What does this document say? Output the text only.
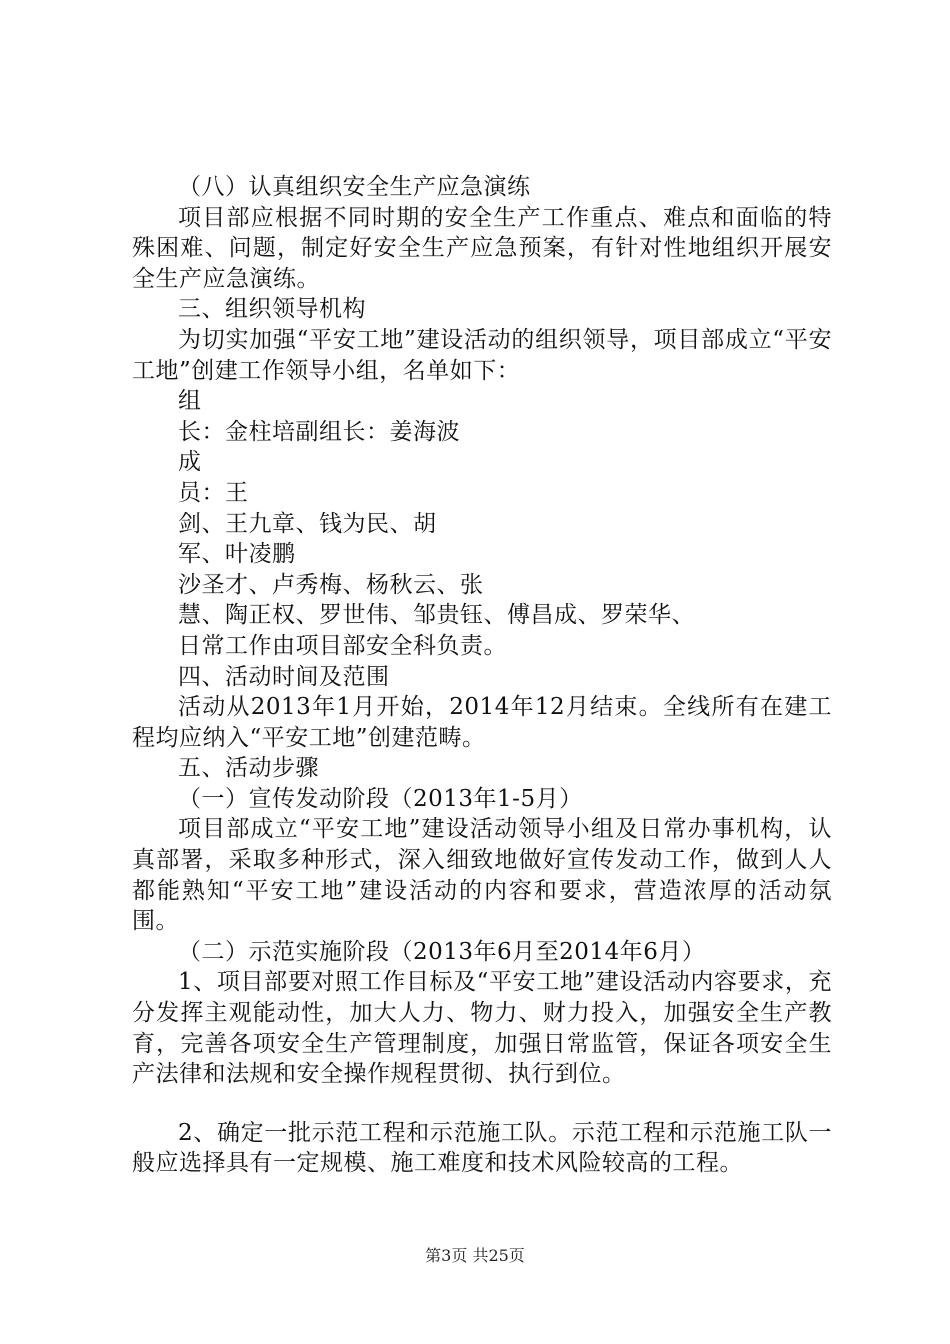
（八）认真组织安全生产应急演练

项目部应根据不同时期的安全生产工作重点、难点和面临的特殊困难、问题，制定好安全生产应急预案，有针对性地组织开展安全生产应急演练。

三、组织领导机构

为切实加强“平安工地”建设活动的组织领导，项目部成立“平安工地”创建工作领导小组，名单如下：

组

长：金柱培副组长：姜海波

成

员：王

剑、王九章、钱为民、胡

军、叶凌鹏

沙圣才、卢秀梅、杨秋云、张

慧、陶正权、罗世伟、邹贵钰、傅昌成、罗荣华、

日常工作由项目部安全科负责。

四、活动时间及范围

活动从2013年1月开始，2014年12月结束。全线所有在建工程均应纳入“平安工地”创建范畴。

五、活动步骤

（一）宣传发动阶段（2013年1-5月）

项目部成立“平安工地”建设活动领导小组及日常办事机构，认真部署，采取多种形式，深入细致地做好宣传发动工作，做到人人都能熟知“平安工地”建设活动的内容和要求，营造浓厚的活动氛围。

（二）示范实施阶段（2013年6月至2014年6月）

1、项目部要对照工作目标及“平安工地”建设活动内容要求，充分发挥主观能动性，加大人力、物力、财力投入，加强安全生产教育，完善各项安全生产管理制度，加强日常监管，保证各项安全生产法律和法规和安全操作规程贯彻、执行到位。

2、确定一批示范工程和示范施工队。示范工程和示范施工队一般应选择具有一定规模、施工难度和技术风险较高的工程。

第3页 共25页
